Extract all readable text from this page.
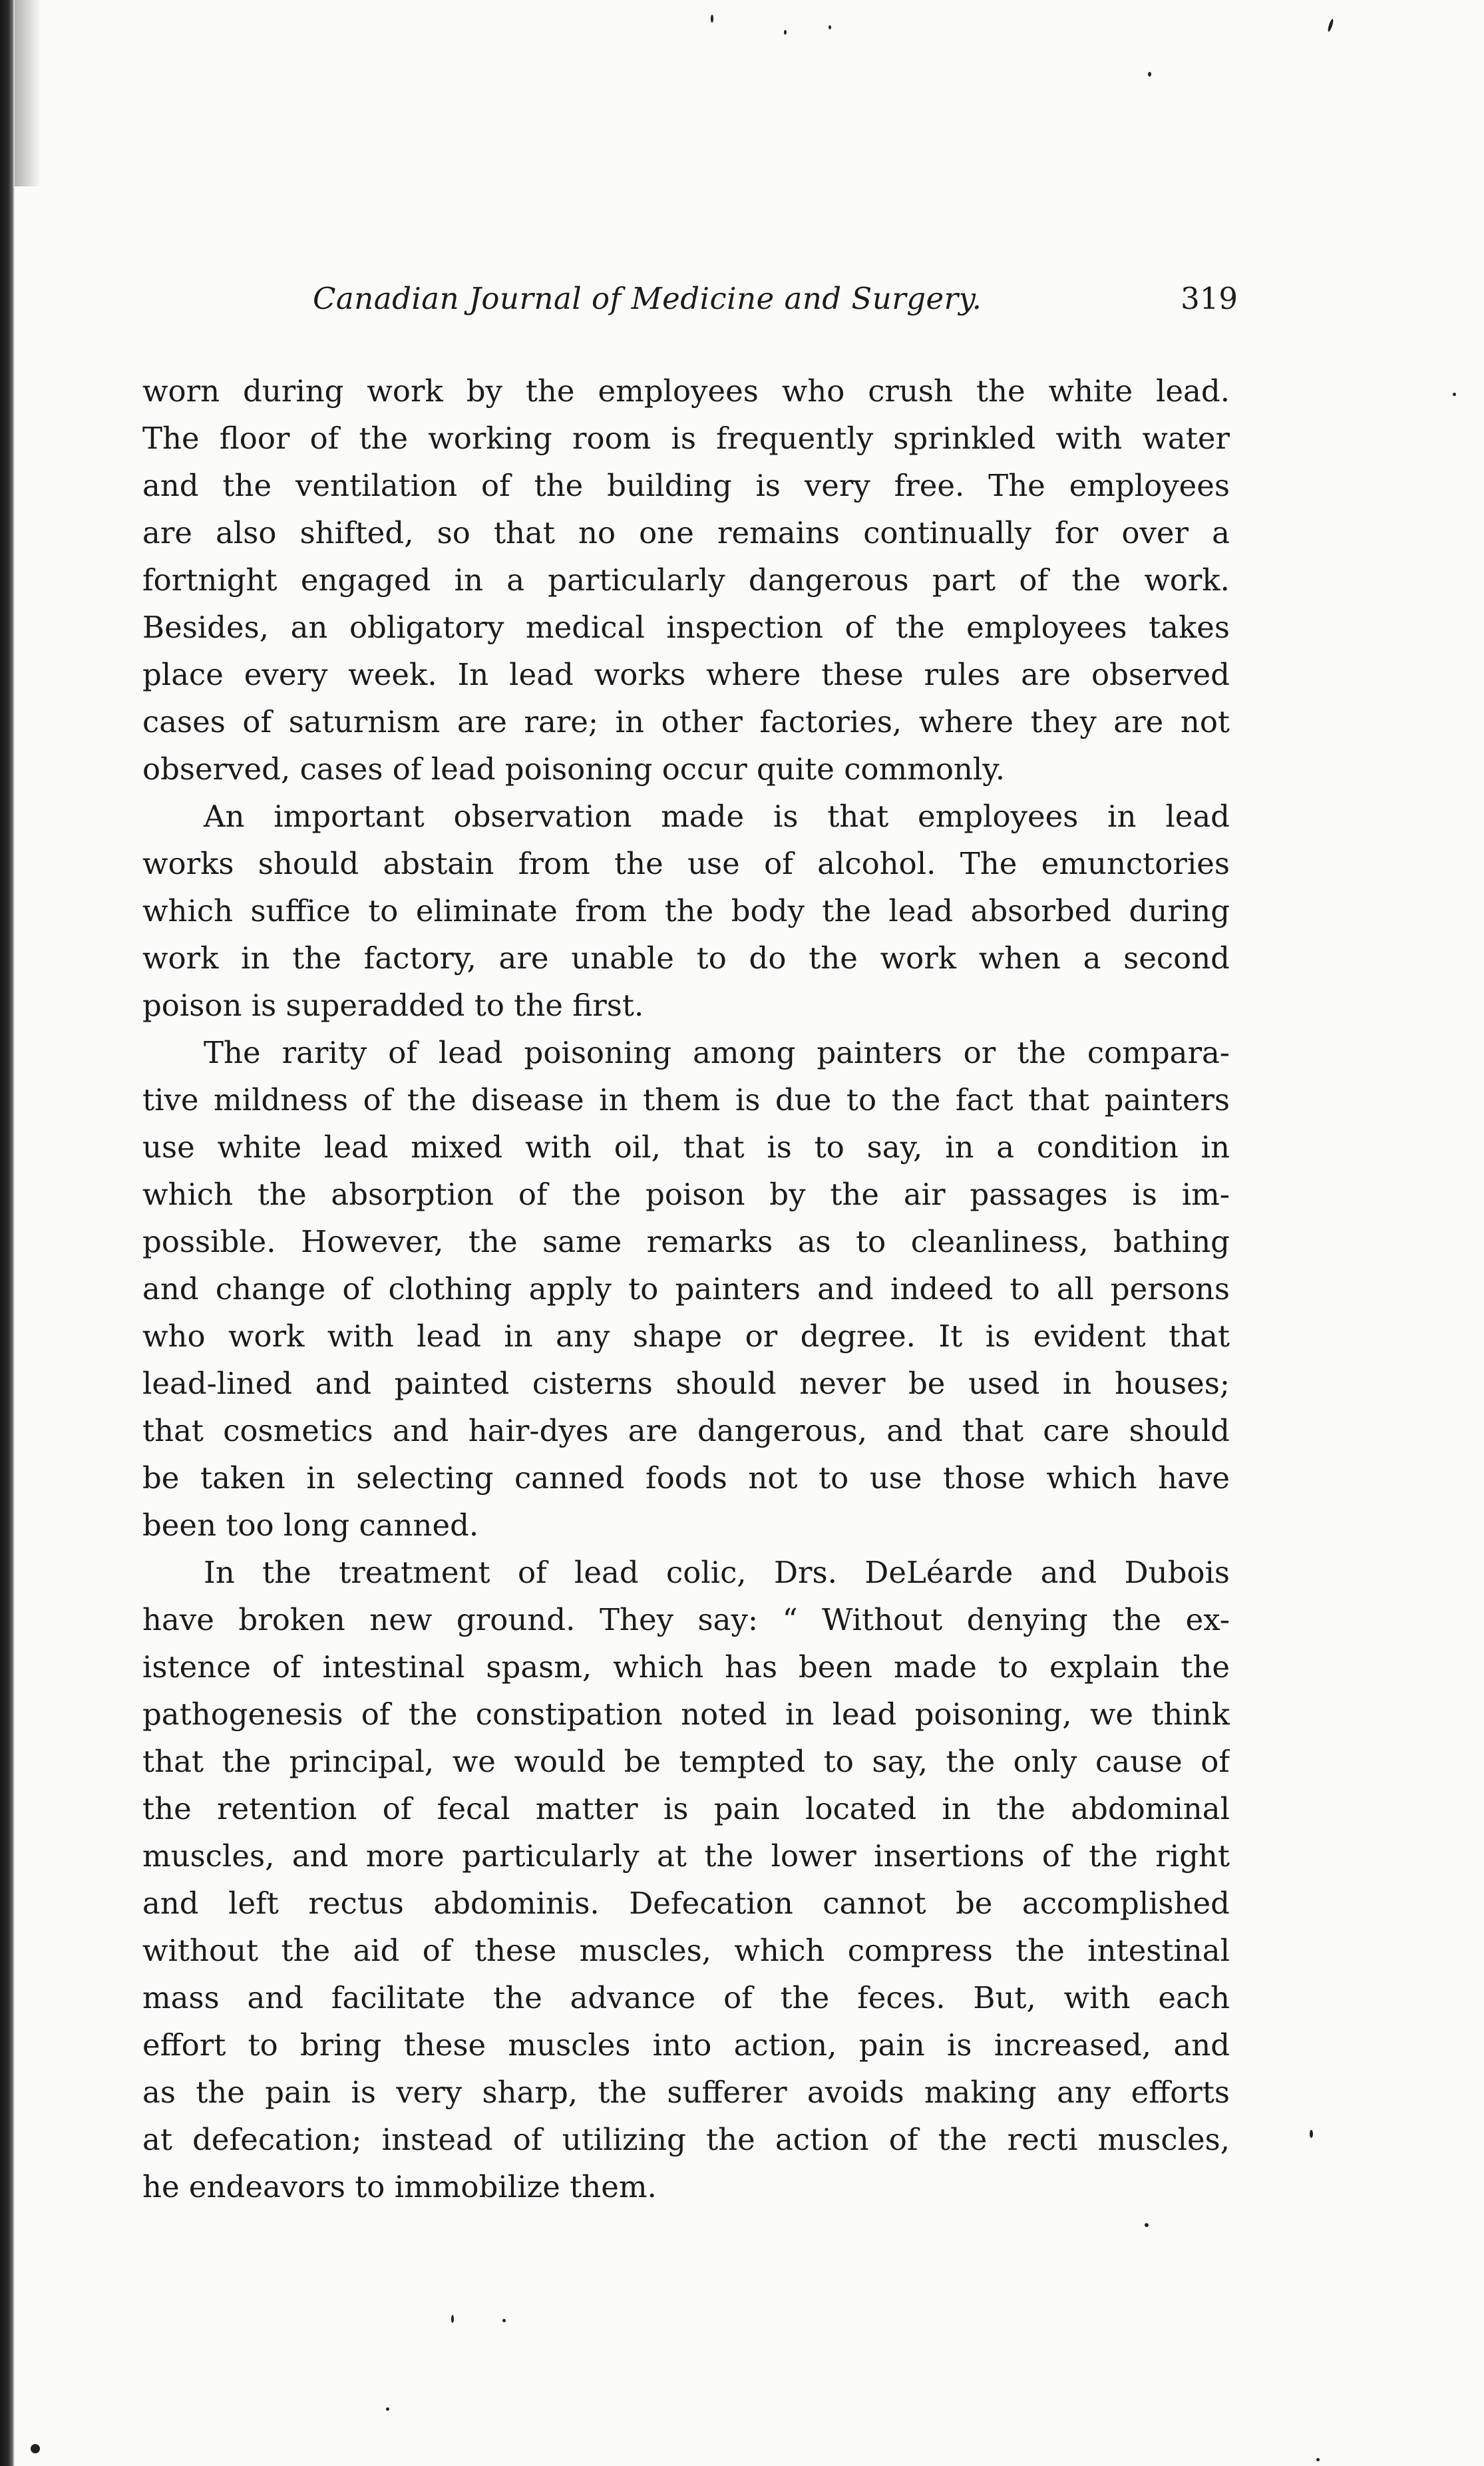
Canadian Journal of Medicine and Surgery.	319
worn during work by the employees who crush the white lead.
The floor of the working room is frequently sprinkled with water
and the ventilation of the building is very free. The employees
are also shifted, so that no one remains continually for over a
fortnight engaged in a particularly dangerous part of the work.
Besides, an obligatory medical inspection of the employees takes
place every week. In lead works where these rules are observed
cases of saturnism are rare; in other factories, where they are not
observed, cases of lead poisoning occur quite commonly.
An important observation made is that employees in lead
works should abstain from the use of alcohol. The emunctories
which suffice to eliminate from the body the lead absorbed during
work in the factory, are unable to do the work when a second
poison is superadded to the first.
The rarity of lead poisoning among painters or the compara-
tive mildness of the disease in them is due to the fact that painters
use white lead mixed with oil, that is to say, in a condition in
which the absorption of the poison by the air passages is im-
possible. However, the same remarks as to cleanliness, bathing
and change of clothing apply to painters and indeed to all persons
who work with lead in any shape or degree. It is evident that
lead-lined and painted cisterns should never be used in houses;
that cosmetics and hair-dyes are dangerous, and that care should
be taken in selecting canned foods not to use those which have
been too long canned.
In the treatment of lead colic, Drs. DeLéarde and Dubois
have broken new ground. They say: “ Without denying the ex-
istence of intestinal spasm, which has been made to explain the
pathogenesis of the constipation noted in lead poisoning, we think
that the principal, we would be tempted to say, the only cause of
the retention of fecal matter is pain located in the abdominal
muscles, and more particularly at the lower insertions of the right
and left rectus abdominis. Defecation cannot be accomplished
without the aid of these muscles, which compress the intestinal
mass and facilitate the advance of the feces. But, with each
effort to bring these muscles into action, pain is increased, and
as the pain is very sharp, the sufferer avoids making any efforts
at defecation; instead of utilizing the action of the recti muscles,
he endeavors to immobilize them.
